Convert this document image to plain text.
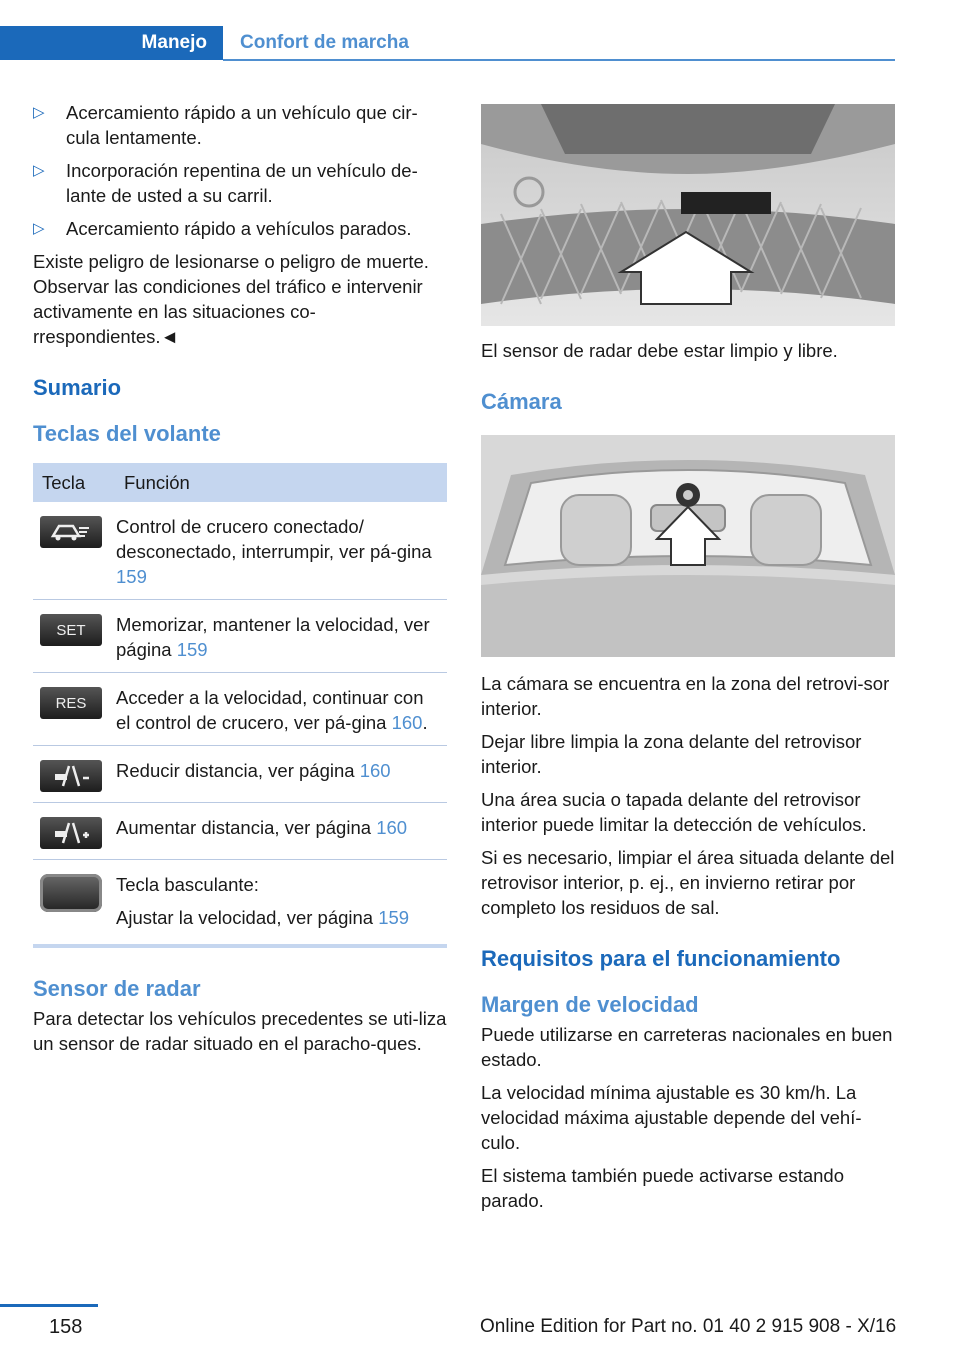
Manejo	Confort de marcha
▷	Acercamiento rápido a un vehículo que cir‐cula lentamente.
▷	Incorporación repentina de un vehículo de‐lante de usted a su carril.
▷	Acercamiento rápido a vehículos parados.

Existe peligro de lesionarse o peligro de muerte. Observar las condiciones del tráfico e intervenir activamente en las situaciones co‐rrespondientes.◄

Sumario
Teclas del volante
Tecla	Función

	Control de crucero conectado/ desconectado, interrumpir, ver pá‐gina 159

SET	Memorizar, mantener la velocidad, ver página 159

RES	Acceder a la velocidad, continuar con el control de crucero, ver pá‐gina 160.

	Reducir distancia, ver página 160

	Aumentar distancia, ver página 160

	Tecla basculante:
Ajustar la velocidad, ver página 159
Sensor de radar

Para detectar los vehículos precedentes se uti‐liza un sensor de radar situado en el paracho‐ques.

El sensor de radar debe estar limpio y libre.

Cámara

La cámara se encuentra en la zona del retrovi‐sor interior.

Dejar libre limpia la zona delante del retrovisor interior.

Una área sucia o tapada delante del retrovisor interior puede limitar la detección de vehículos.

Si es necesario, limpiar el área situada delante del retrovisor interior, p. ej., en invierno retirar por completo los residuos de sal.

Requisitos para el funcionamiento
Margen de velocidad

Puede utilizarse en carreteras nacionales en buen estado.

La velocidad mínima ajustable es 30 km/h. La velocidad máxima ajustable depende del vehí‐culo.

El sistema también puede activarse estando parado.

158	Online Edition for Part no. 01 40 2 915 908 - X/16
